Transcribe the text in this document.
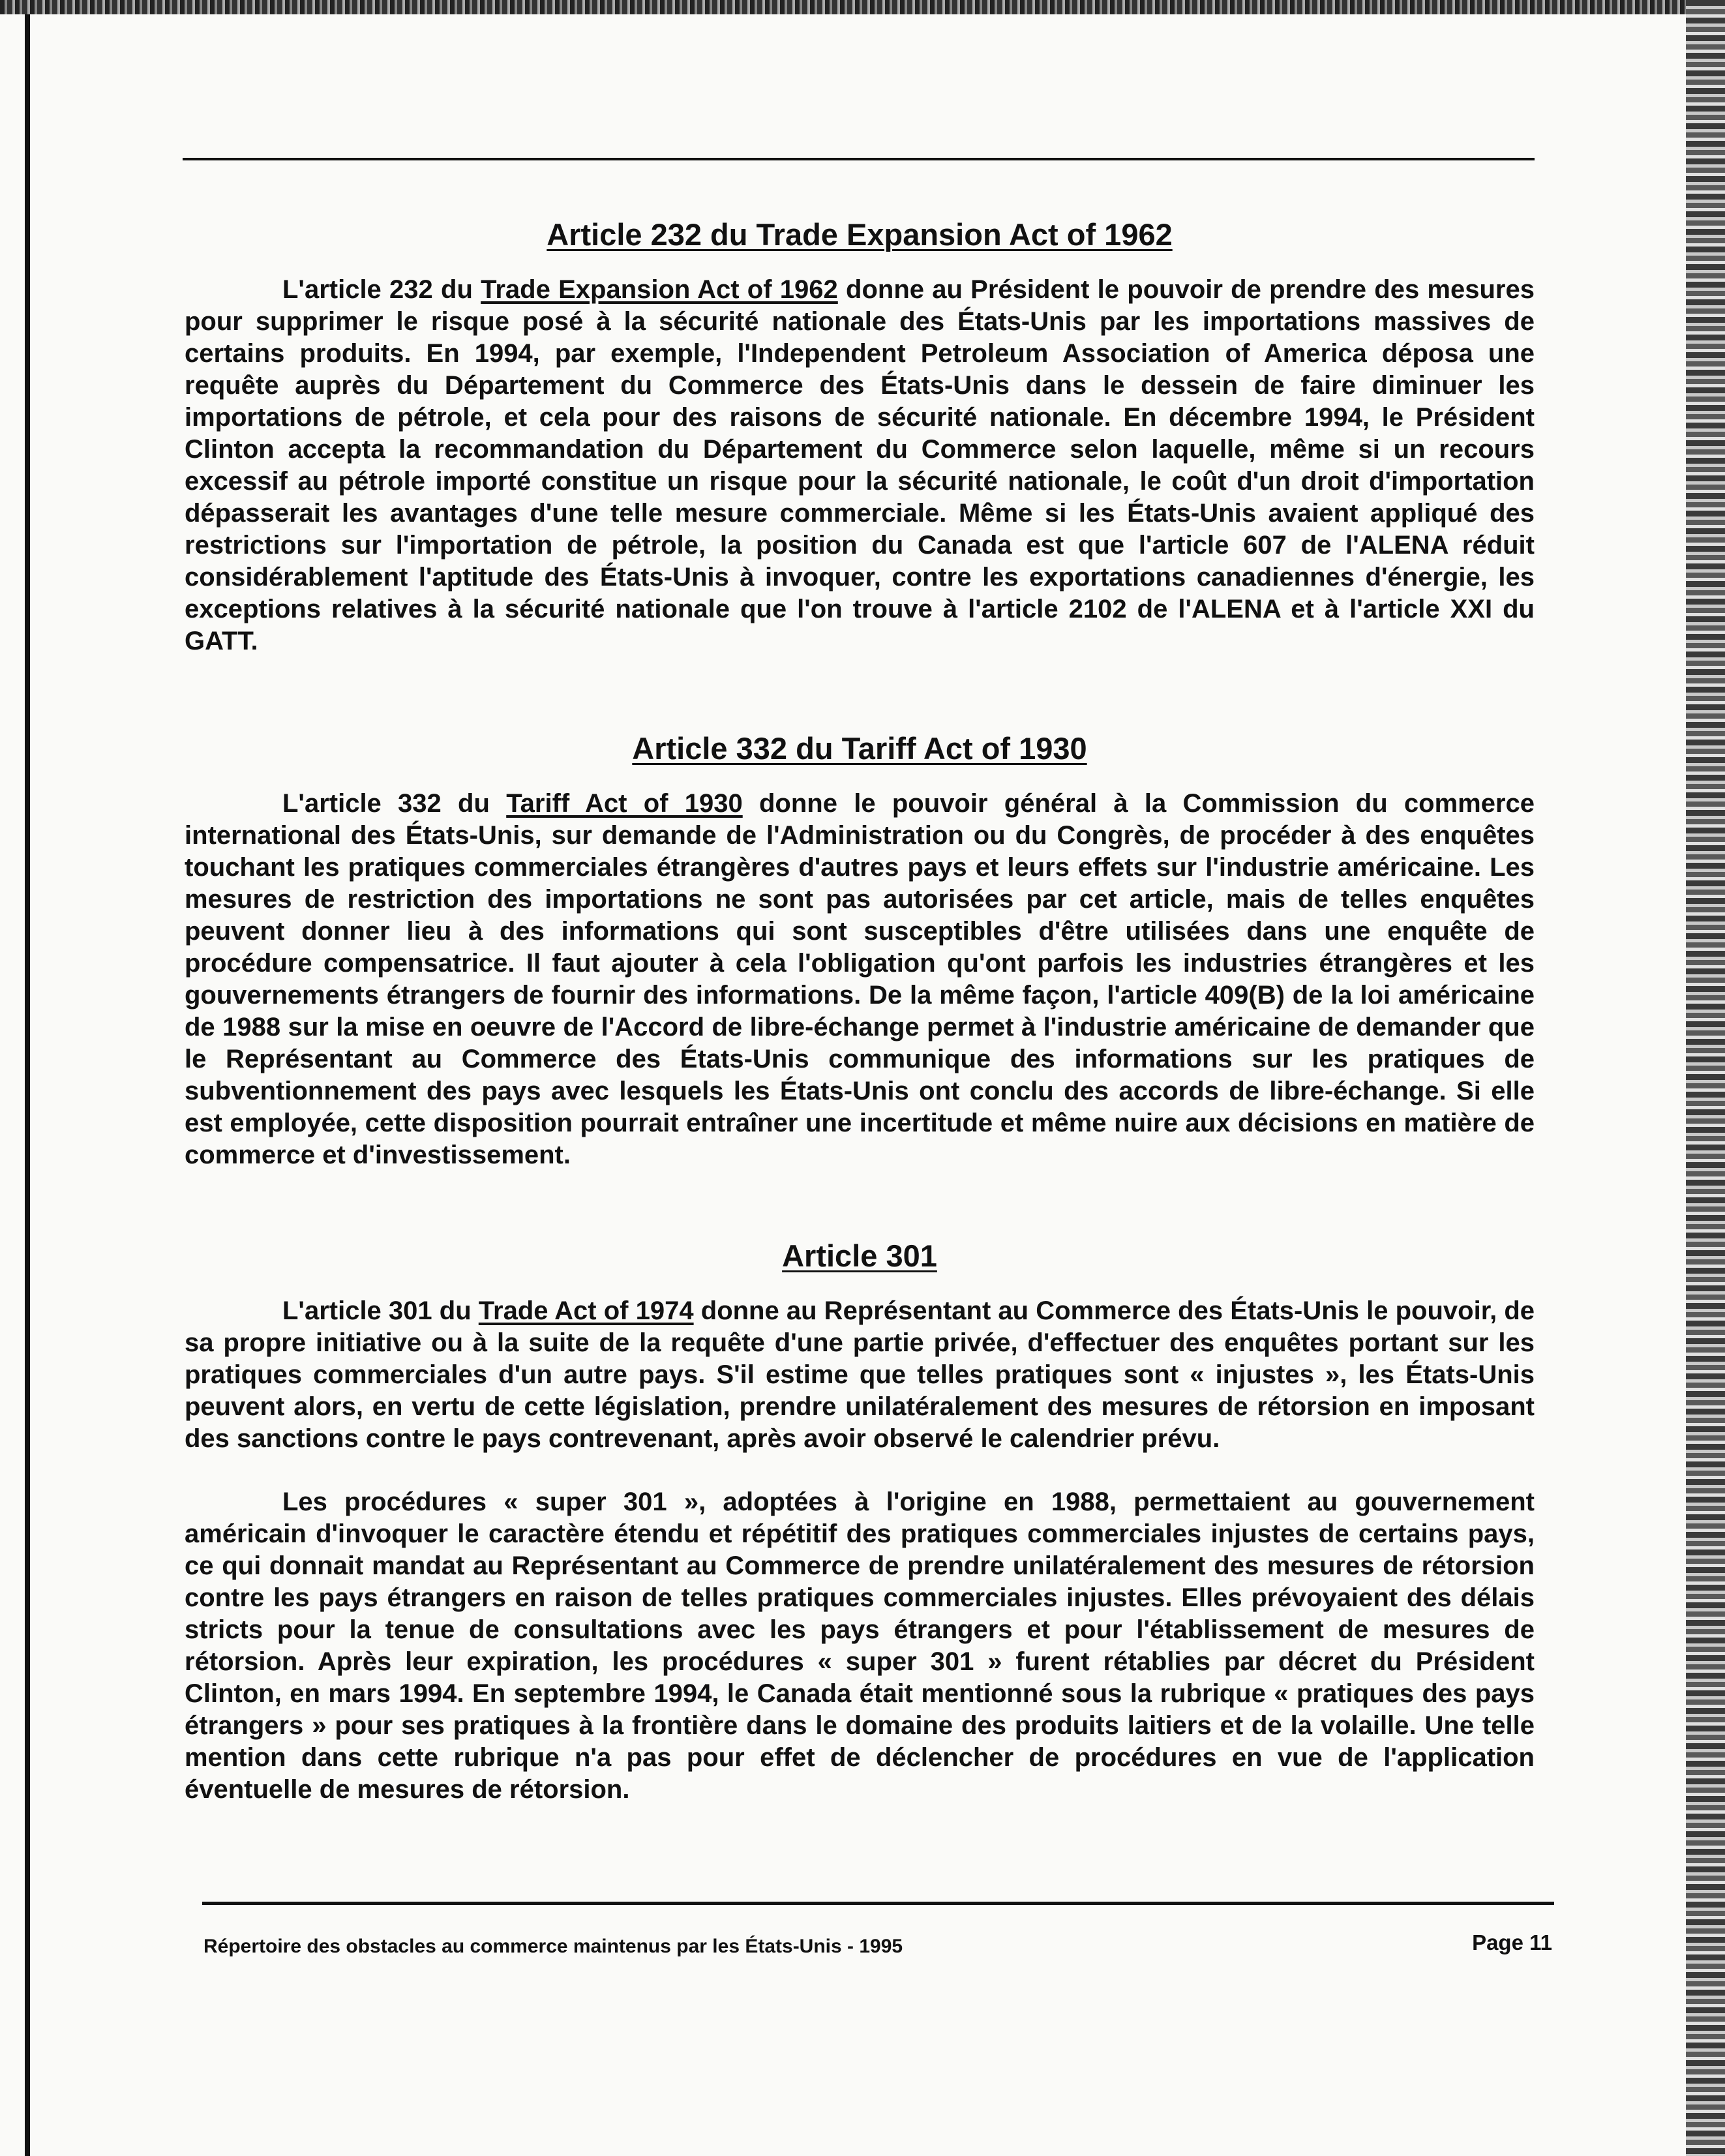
Article 232 du Trade Expansion Act of 1962

L'article 232 du Trade Expansion Act of 1962 donne au Président le pouvoir de prendre des mesures pour supprimer le risque posé à la sécurité nationale des États-Unis par les importations massives de certains produits. En 1994, par exemple, l'Independent Petroleum Association of America déposa une requête auprès du Département du Commerce des États-Unis dans le dessein de faire diminuer les importations de pétrole, et cela pour des raisons de sécurité nationale. En décembre 1994, le Président Clinton accepta la recommandation du Département du Commerce selon laquelle, même si un recours excessif au pétrole importé constitue un risque pour la sécurité nationale, le coût d'un droit d'importation dépasserait les avantages d'une telle mesure commerciale. Même si les États-Unis avaient appliqué des restrictions sur l'importation de pétrole, la position du Canada est que l'article 607 de l'ALENA réduit considérablement l'aptitude des États-Unis à invoquer, contre les exportations canadiennes d'énergie, les exceptions relatives à la sécurité nationale que l'on trouve à l'article 2102 de l'ALENA et à l'article XXI du GATT.

Article 332 du Tariff Act of 1930

L'article 332 du Tariff Act of 1930 donne le pouvoir général à la Commission du commerce international des États-Unis, sur demande de l'Administration ou du Congrès, de procéder à des enquêtes touchant les pratiques commerciales étrangères d'autres pays et leurs effets sur l'industrie américaine. Les mesures de restriction des importations ne sont pas autorisées par cet article, mais de telles enquêtes peuvent donner lieu à des informations qui sont susceptibles d'être utilisées dans une enquête de procédure compensatrice. Il faut ajouter à cela l'obligation qu'ont parfois les industries étrangères et les gouvernements étrangers de fournir des informations. De la même façon, l'article 409(B) de la loi américaine de 1988 sur la mise en oeuvre de l'Accord de libre-échange permet à l'industrie américaine de demander que le Représentant au Commerce des États-Unis communique des informations sur les pratiques de subventionnement des pays avec lesquels les États-Unis ont conclu des accords de libre-échange. Si elle est employée, cette disposition pourrait entraîner une incertitude et même nuire aux décisions en matière de commerce et d'investissement.

Article 301

L'article 301 du Trade Act of 1974 donne au Représentant au Commerce des États-Unis le pouvoir, de sa propre initiative ou à la suite de la requête d'une partie privée, d'effectuer des enquêtes portant sur les pratiques commerciales d'un autre pays. S'il estime que telles pratiques sont « injustes », les États-Unis peuvent alors, en vertu de cette législation, prendre unilatéralement des mesures de rétorsion en imposant des sanctions contre le pays contrevenant, après avoir observé le calendrier prévu.

Les procédures « super 301 », adoptées à l'origine en 1988, permettaient au gouvernement américain d'invoquer le caractère étendu et répétitif des pratiques commerciales injustes de certains pays, ce qui donnait mandat au Représentant au Commerce de prendre unilatéralement des mesures de rétorsion contre les pays étrangers en raison de telles pratiques commerciales injustes. Elles prévoyaient des délais stricts pour la tenue de consultations avec les pays étrangers et pour l'établissement de mesures de rétorsion. Après leur expiration, les procédures « super 301 » furent rétablies par décret du Président Clinton, en mars 1994. En septembre 1994, le Canada était mentionné sous la rubrique « pratiques des pays étrangers » pour ses pratiques à la frontière dans le domaine des produits laitiers et de la volaille. Une telle mention dans cette rubrique n'a pas pour effet de déclencher de procédures en vue de l'application éventuelle de mesures de rétorsion.

Répertoire des obstacles au commerce maintenus par les États-Unis - 1995	Page 11
